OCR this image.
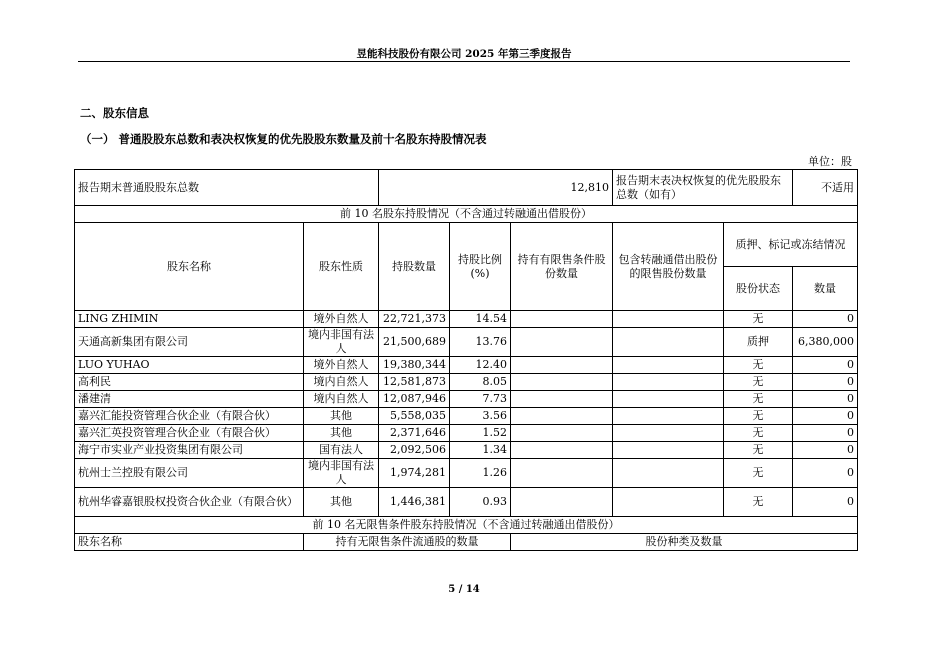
昱能科技股份有限公司 2025 年第三季度报告
二、股东信息
（一） 普通股股东总数和表决权恢复的优先股股东数量及前十名股东持股情况表
单位：股
报告期末普通股股东总数		12,810			报告期末表决权恢复的优先股股东总数（如有）		不适用
前 10 名股东持股情况（不含通过转融通出借股份）							
股东名称	股东性质	持股数量	持股比例(%)	持有有限售条件股份数量	包含转融通借出股份的限售股份数量	质押、标记或冻结情况	
						股份状态	数量
LING ZHIMIN	境外自然人	22,721,373	14.54			无	0
天通高新集团有限公司	境内非国有法人	21,500,689	13.76			质押	6,380,000
LUO YUHAO	境外自然人	19,380,344	12.40			无	0
高利民	境内自然人	12,581,873	8.05			无	0
潘建清	境内自然人	12,087,946	7.73			无	0
嘉兴汇能投资管理合伙企业（有限合伙）	其他	5,558,035	3.56			无	0
嘉兴汇英投资管理合伙企业（有限合伙）	其他	2,371,646	1.52			无	0
海宁市实业产业投资集团有限公司	国有法人	2,092,506	1.34			无	0
杭州士兰控股有限公司	境内非国有法人	1,974,281	1.26			无	0
杭州华睿嘉银股权投资合伙企业（有限合伙）	其他	1,446,381	0.93			无	0
前 10 名无限售条件股东持股情况（不含通过转融通出借股份）							
股东名称	持有无限售条件流通股的数量			股份种类及数量			
5 / 14
